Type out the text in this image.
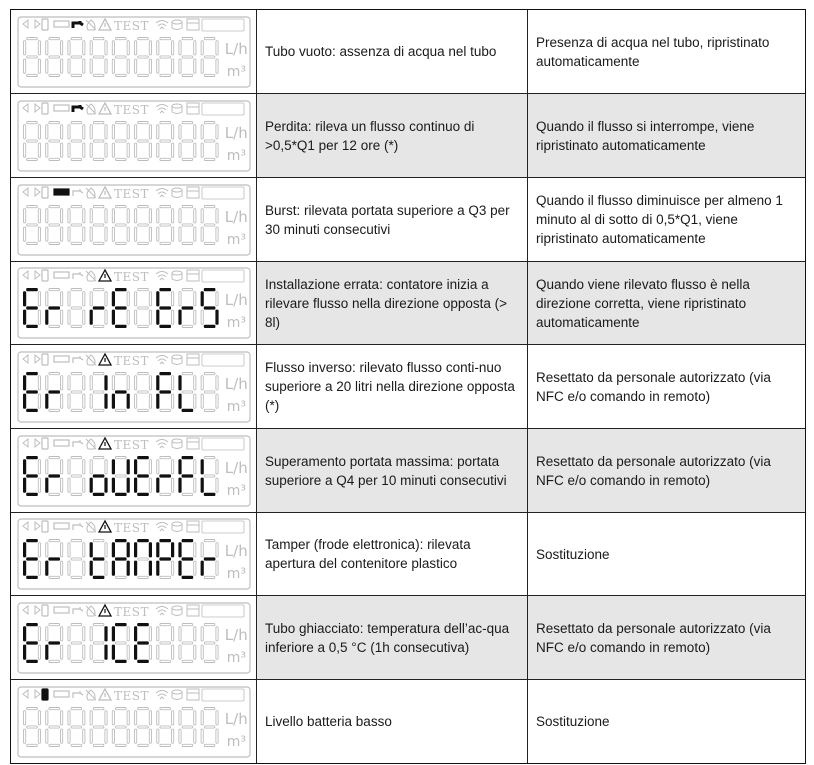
TEST
L/h
m³
Tubo vuoto: assenza di acqua nel tubo
Presenza di acqua nel tubo, ripristinato automaticamente
TEST
L/h
m³
Perdita: rileva un flusso continuo di >0,5*Q1 per 12 ore (*)
Quando il flusso si interrompe, viene ripristinato automaticamente
TEST
L/h
m³
Burst: rilevata portata superiore a Q3 per 30 minuti consecutivi
Quando il flusso diminuisce per almeno 1 minuto al di sotto di 0,5*Q1, viene ripristinato automaticamente
TEST
L/h
m³
Installazione errata: contatore inizia a rilevare flusso nella direzione opposta (> 8l)
Quando viene rilevato flusso è nella direzione corretta, viene ripristinato automaticamente
TEST
L/h
m³
Flusso inverso: rilevato flusso conti-nuo superiore a 20 litri nella direzione opposta (*)
Resettato da personale autorizzato (via NFC e/o comando in remoto)
TEST
L/h
m³
Superamento portata massima: portata superiore a Q4 per 10 minuti consecutivi
Resettato da personale autorizzato (via NFC e/o comando in remoto)
TEST
L/h
m³
Tamper (frode elettronica): rilevata apertura del contenitore plastico
Sostituzione
TEST
L/h
m³
Tubo ghiacciato: temperatura dell’ac-qua inferiore a 0,5 °C (1h consecutiva)
Resettato da personale autorizzato (via NFC e/o comando in remoto)
TEST
L/h
m³
Livello batteria basso	Sostituzione
